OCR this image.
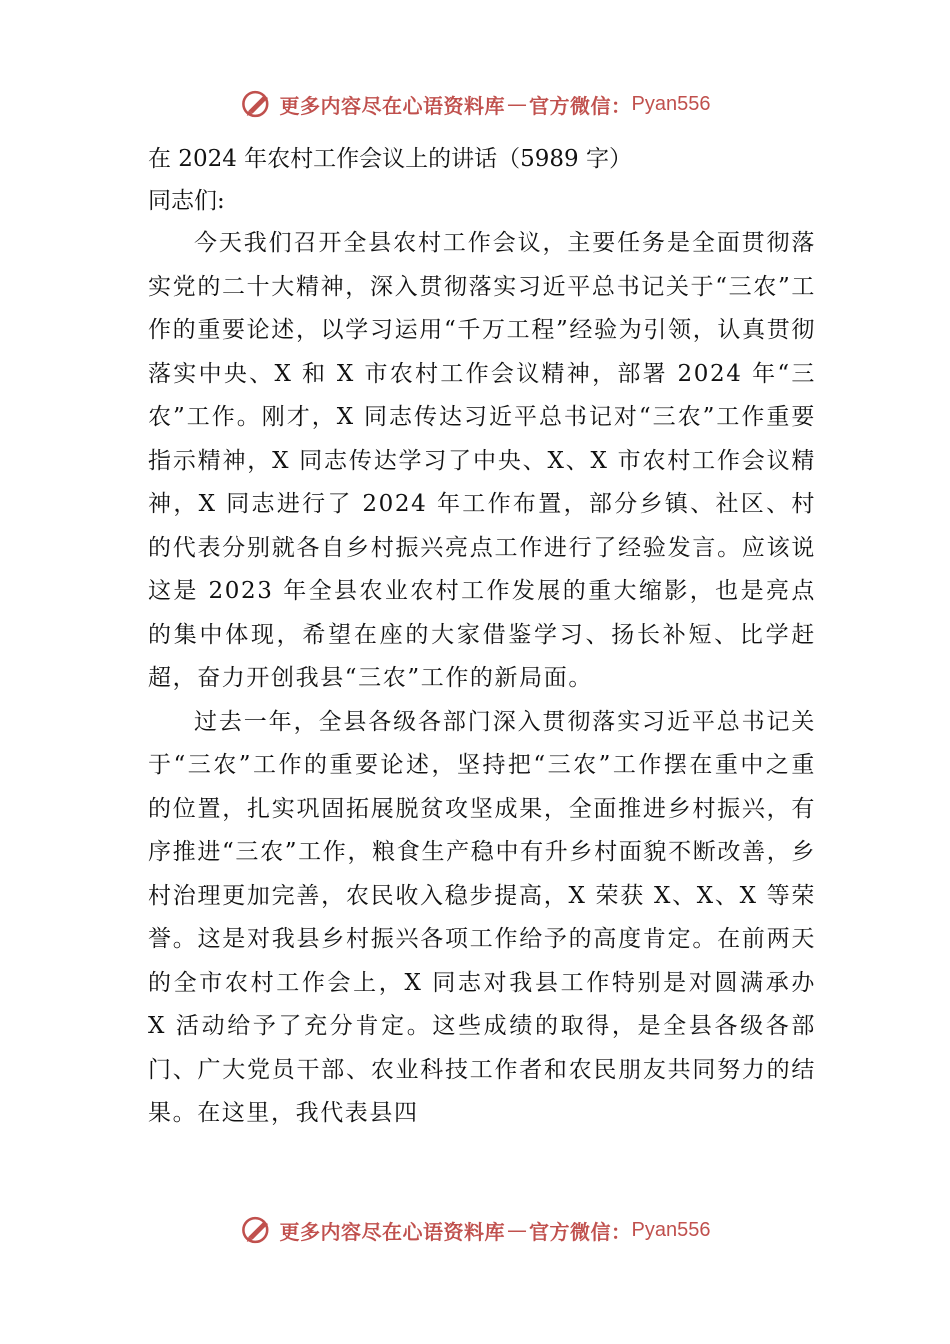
更多内容尽在心语资料库 — 官方微信： Pyan556

在 2024 年农村工作会议上的讲话（5989 字）

同志们:

今天我们召开全县农村工作会议，主要任务是全面贯彻落实党的二十大精神，深入贯彻落实习近平总书记关于“三农”工作的重要论述，以学习运用“千万工程”经验为引领，认真贯彻落实中央、X 和 X 市农村工作会议精神，部署 2024 年“三农”工作。刚才，X 同志传达习近平总书记对“三农”工作重要指示精神，X 同志传达学习了中央、X、X 市农村工作会议精神，X 同志进行了 2024 年工作布置，部分乡镇、社区、村的代表分别就各自乡村振兴亮点工作进行了经验发言。应该说这是 2023 年全县农业农村工作发展的重大缩影，也是亮点的集中体现，希望在座的大家借鉴学习、扬长补短、比学赶超，奋力开创我县“三农”工作的新局面。

过去一年，全县各级各部门深入贯彻落实习近平总书记关于“三农”工作的重要论述，坚持把“三农”工作摆在重中之重的位置，扎实巩固拓展脱贫攻坚成果，全面推进乡村振兴，有序推进“三农”工作，粮食生产稳中有升乡村面貌不断改善，乡村治理更加完善，农民收入稳步提高，X 荣获 X、X、X 等荣誉。这是对我县乡村振兴各项工作给予的高度肯定。在前两天的全市农村工作会上，X 同志对我县工作特别是对圆满承办 X 活动给予了充分肯定。这些成绩的取得，是全县各级各部门、广大党员干部、农业科技工作者和农民朋友共同努力的结果。在这里，我代表县四

更多内容尽在心语资料库 — 官方微信： Pyan556
